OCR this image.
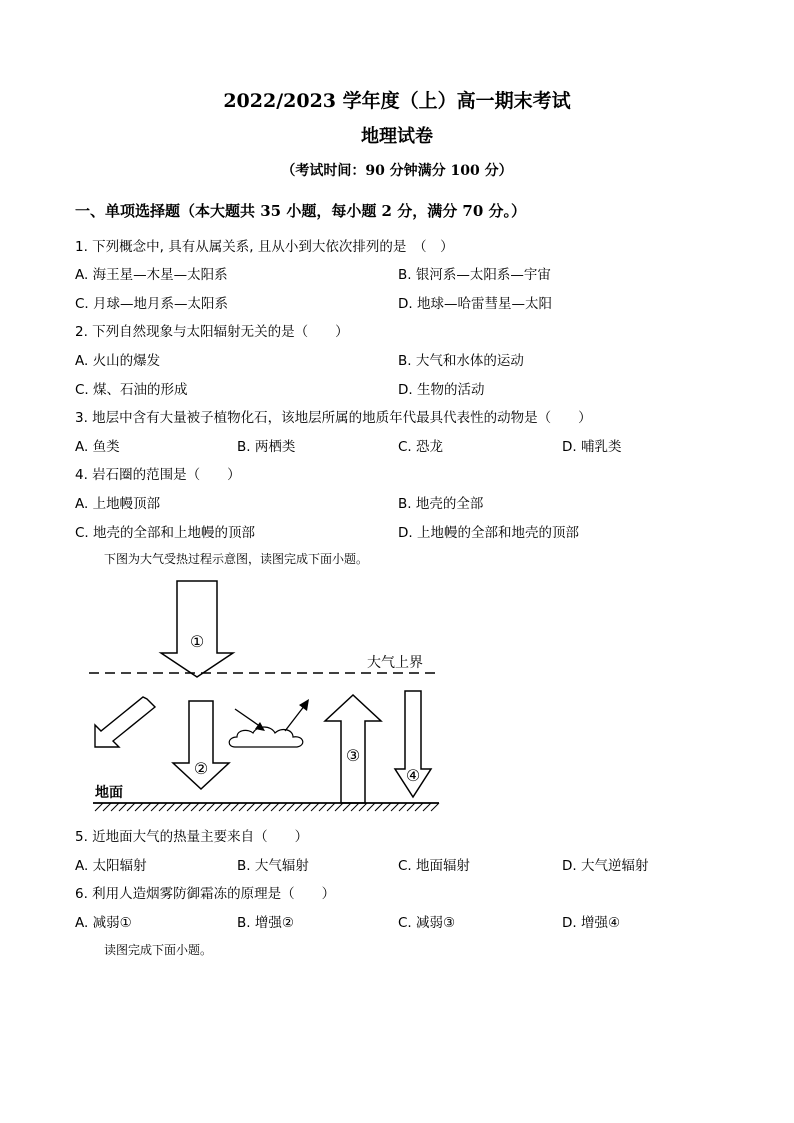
2022/2023 学年度（上）高一期末考试
地理试卷
（考试时间：90 分钟满分 100 分）
一、单项选择题（本大题共 35 小题，每小题 2 分，满分 70 分。）
1. 下列概念中, 具有从属关系, 且从小到大依次排列的是　（　）
A. 海王星—木星—太阳系	B. 银河系—太阳系—宇宙
C. 月球—地月系—太阳系	D. 地球—哈雷彗星—太阳
2. 下列自然现象与太阳辐射无关的是（　　）
A. 火山的爆发	B. 大气和水体的运动
C. 煤、石油的形成	D. 生物的活动
3. 地层中含有大量被子植物化石，该地层所属的地质年代最具代表性的动物是（　　）
A. 鱼类	B. 两栖类	C. 恐龙	D. 哺乳类
4. 岩石圈的范围是（　　）
A. 上地幔顶部	B. 地壳的全部
C. 地壳的全部和上地幔的顶部	D. 上地幔的全部和地壳的顶部
下图为大气受热过程示意图，读图完成下面小题。
①
大气上界
②
③
④
地面
5. 近地面大气的热量主要来自（　　）
A. 太阳辐射	B. 大气辐射	C. 地面辐射	D. 大气逆辐射
6. 利用人造烟雾防御霜冻的原理是（　　）
A. 减弱①	B. 增强②	C. 减弱③	D. 增强④
读图完成下面小题。
